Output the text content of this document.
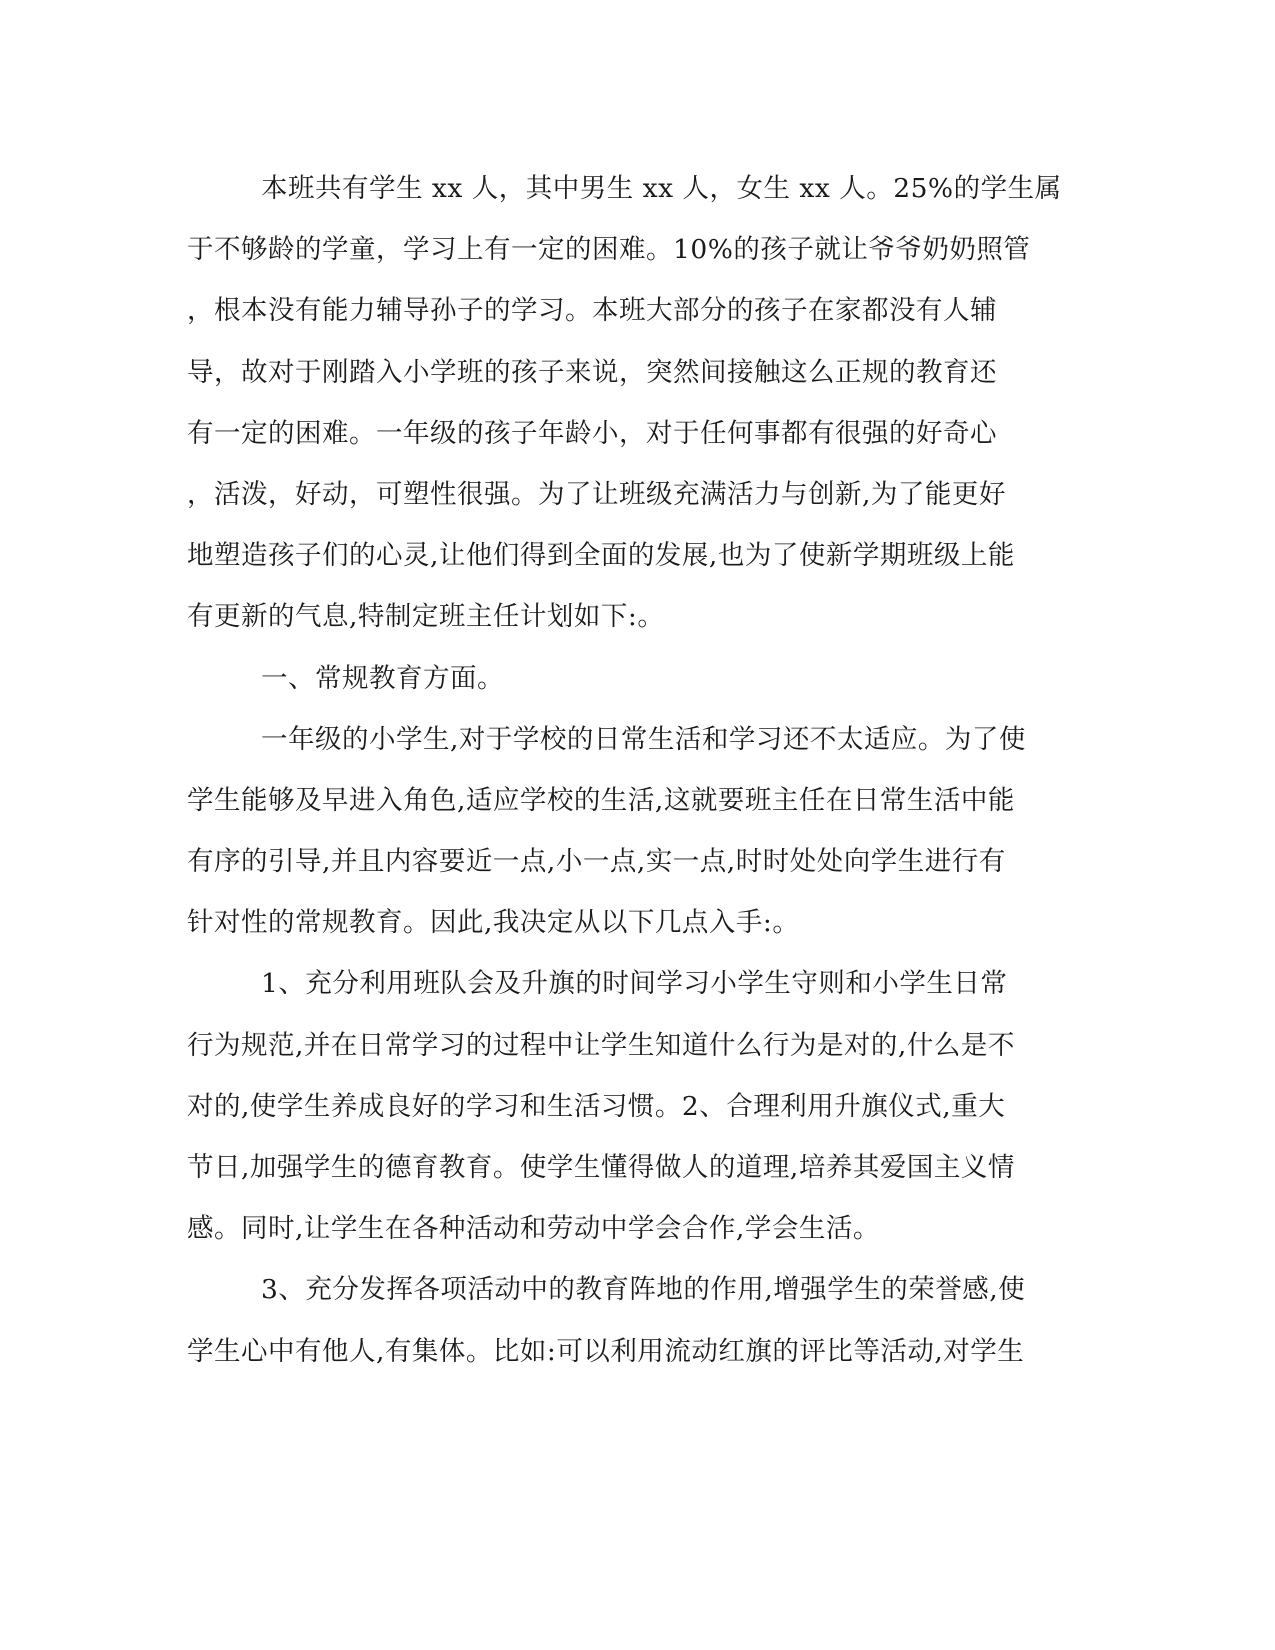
本班共有学生 xx 人，其中男生 xx 人，女生 xx 人。25%的学生属
于不够龄的学童，学习上有一定的困难。10%的孩子就让爷爷奶奶照管
，根本没有能力辅导孙子的学习。本班大部分的孩子在家都没有人辅
导，故对于刚踏入小学班的孩子来说，突然间接触这么正规的教育还
有一定的困难。一年级的孩子年龄小，对于任何事都有很强的好奇心
，活泼，好动，可塑性很强。为了让班级充满活力与创新,为了能更好
地塑造孩子们的心灵,让他们得到全面的发展,也为了使新学期班级上能
有更新的气息,特制定班主任计划如下:。
一、常规教育方面。
一年级的小学生,对于学校的日常生活和学习还不太适应。为了使
学生能够及早进入角色,适应学校的生活,这就要班主任在日常生活中能
有序的引导,并且内容要近一点,小一点,实一点,时时处处向学生进行有
针对性的常规教育。因此,我决定从以下几点入手:。
1、充分利用班队会及升旗的时间学习小学生守则和小学生日常
行为规范,并在日常学习的过程中让学生知道什么行为是对的,什么是不
对的,使学生养成良好的学习和生活习惯。2、合理利用升旗仪式,重大
节日,加强学生的德育教育。使学生懂得做人的道理,培养其爱国主义情
感。同时,让学生在各种活动和劳动中学会合作,学会生活。
3、充分发挥各项活动中的教育阵地的作用,增强学生的荣誉感,使
学生心中有他人,有集体。比如:可以利用流动红旗的评比等活动,对学生
